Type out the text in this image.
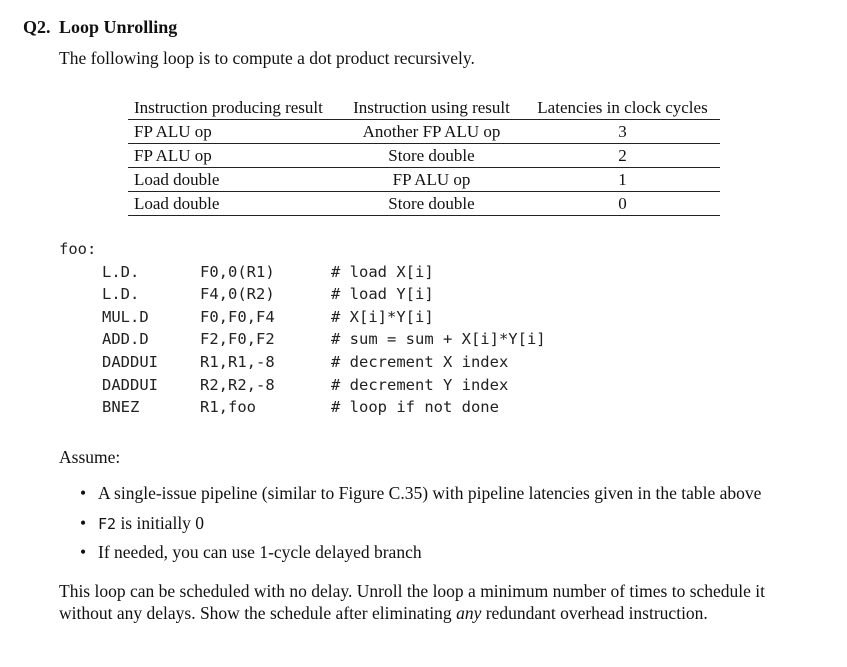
Q2. Loop Unrolling
The following loop is to compute a dot product recursively.
Instruction producing result	Instruction using result	Latencies in clock cycles
FP ALU op	Another FP ALU op	3
FP ALU op	Store double	2
Load double	FP ALU op	1
Load double	Store double	0
foo:
L.D.	F0,0(R1)	# load X[i]
L.D.	F4,0(R2)	# load Y[i]
MUL.D	F0,F0,F4	# X[i]*Y[i]
ADD.D	F2,F0,F2	# sum = sum + X[i]*Y[i]
DADDUI	R1,R1,-8	# decrement X index
DADDUI	R2,R2,-8	# decrement Y index
BNEZ	R1,foo	# loop if not done
Assume:
• A single-issue pipeline (similar to Figure C.35) with pipeline latencies given in the table above
• F2 is initially 0
• If needed, you can use 1-cycle delayed branch

This loop can be scheduled with no delay. Unroll the loop a minimum number of times to schedule it without any delays. Show the schedule after eliminating any redundant overhead instruction.
